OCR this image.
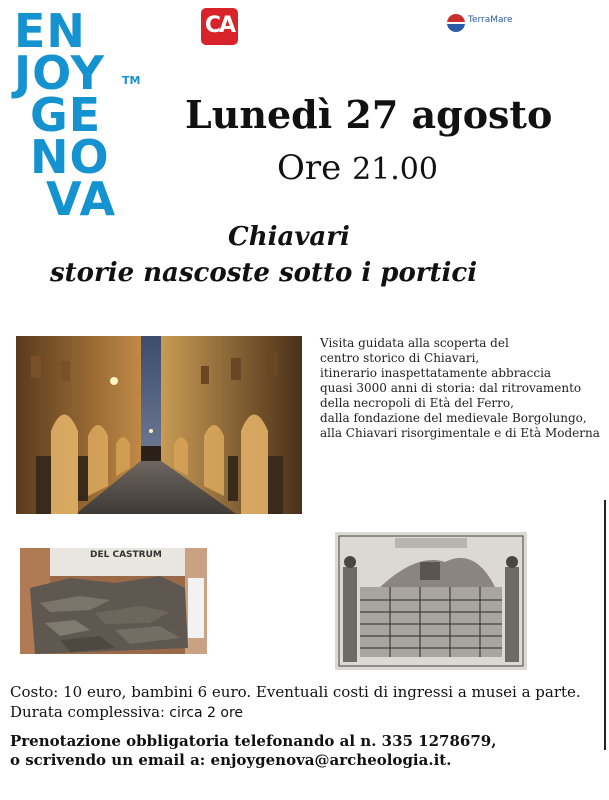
EN
JOY TM
GE
NO
VA
CA	TerraMare
Lunedì 27 agosto
Ore 21.00
Chiavari
storie nascoste sotto i portici
Visita guidata alla scoperta del
centro storico di Chiavari,
itinerario inaspettatamente abbraccia
quasi 3000 anni di storia: dal ritrovamento
della necropoli di Età del Ferro,
dalla fondazione del medievale Borgolungo,
alla Chiavari risorgimentale e di Età Moderna
DEL CASTRUM
Costo: 10 euro, bambini 6 euro. Eventuali costi di ingressi a musei a parte.
Durata complessiva: circa 2 ore
Prenotazione obbligatoria telefonando al n. 335 1278679,
o scrivendo un email a: enjoygenova@archeologia.it.
